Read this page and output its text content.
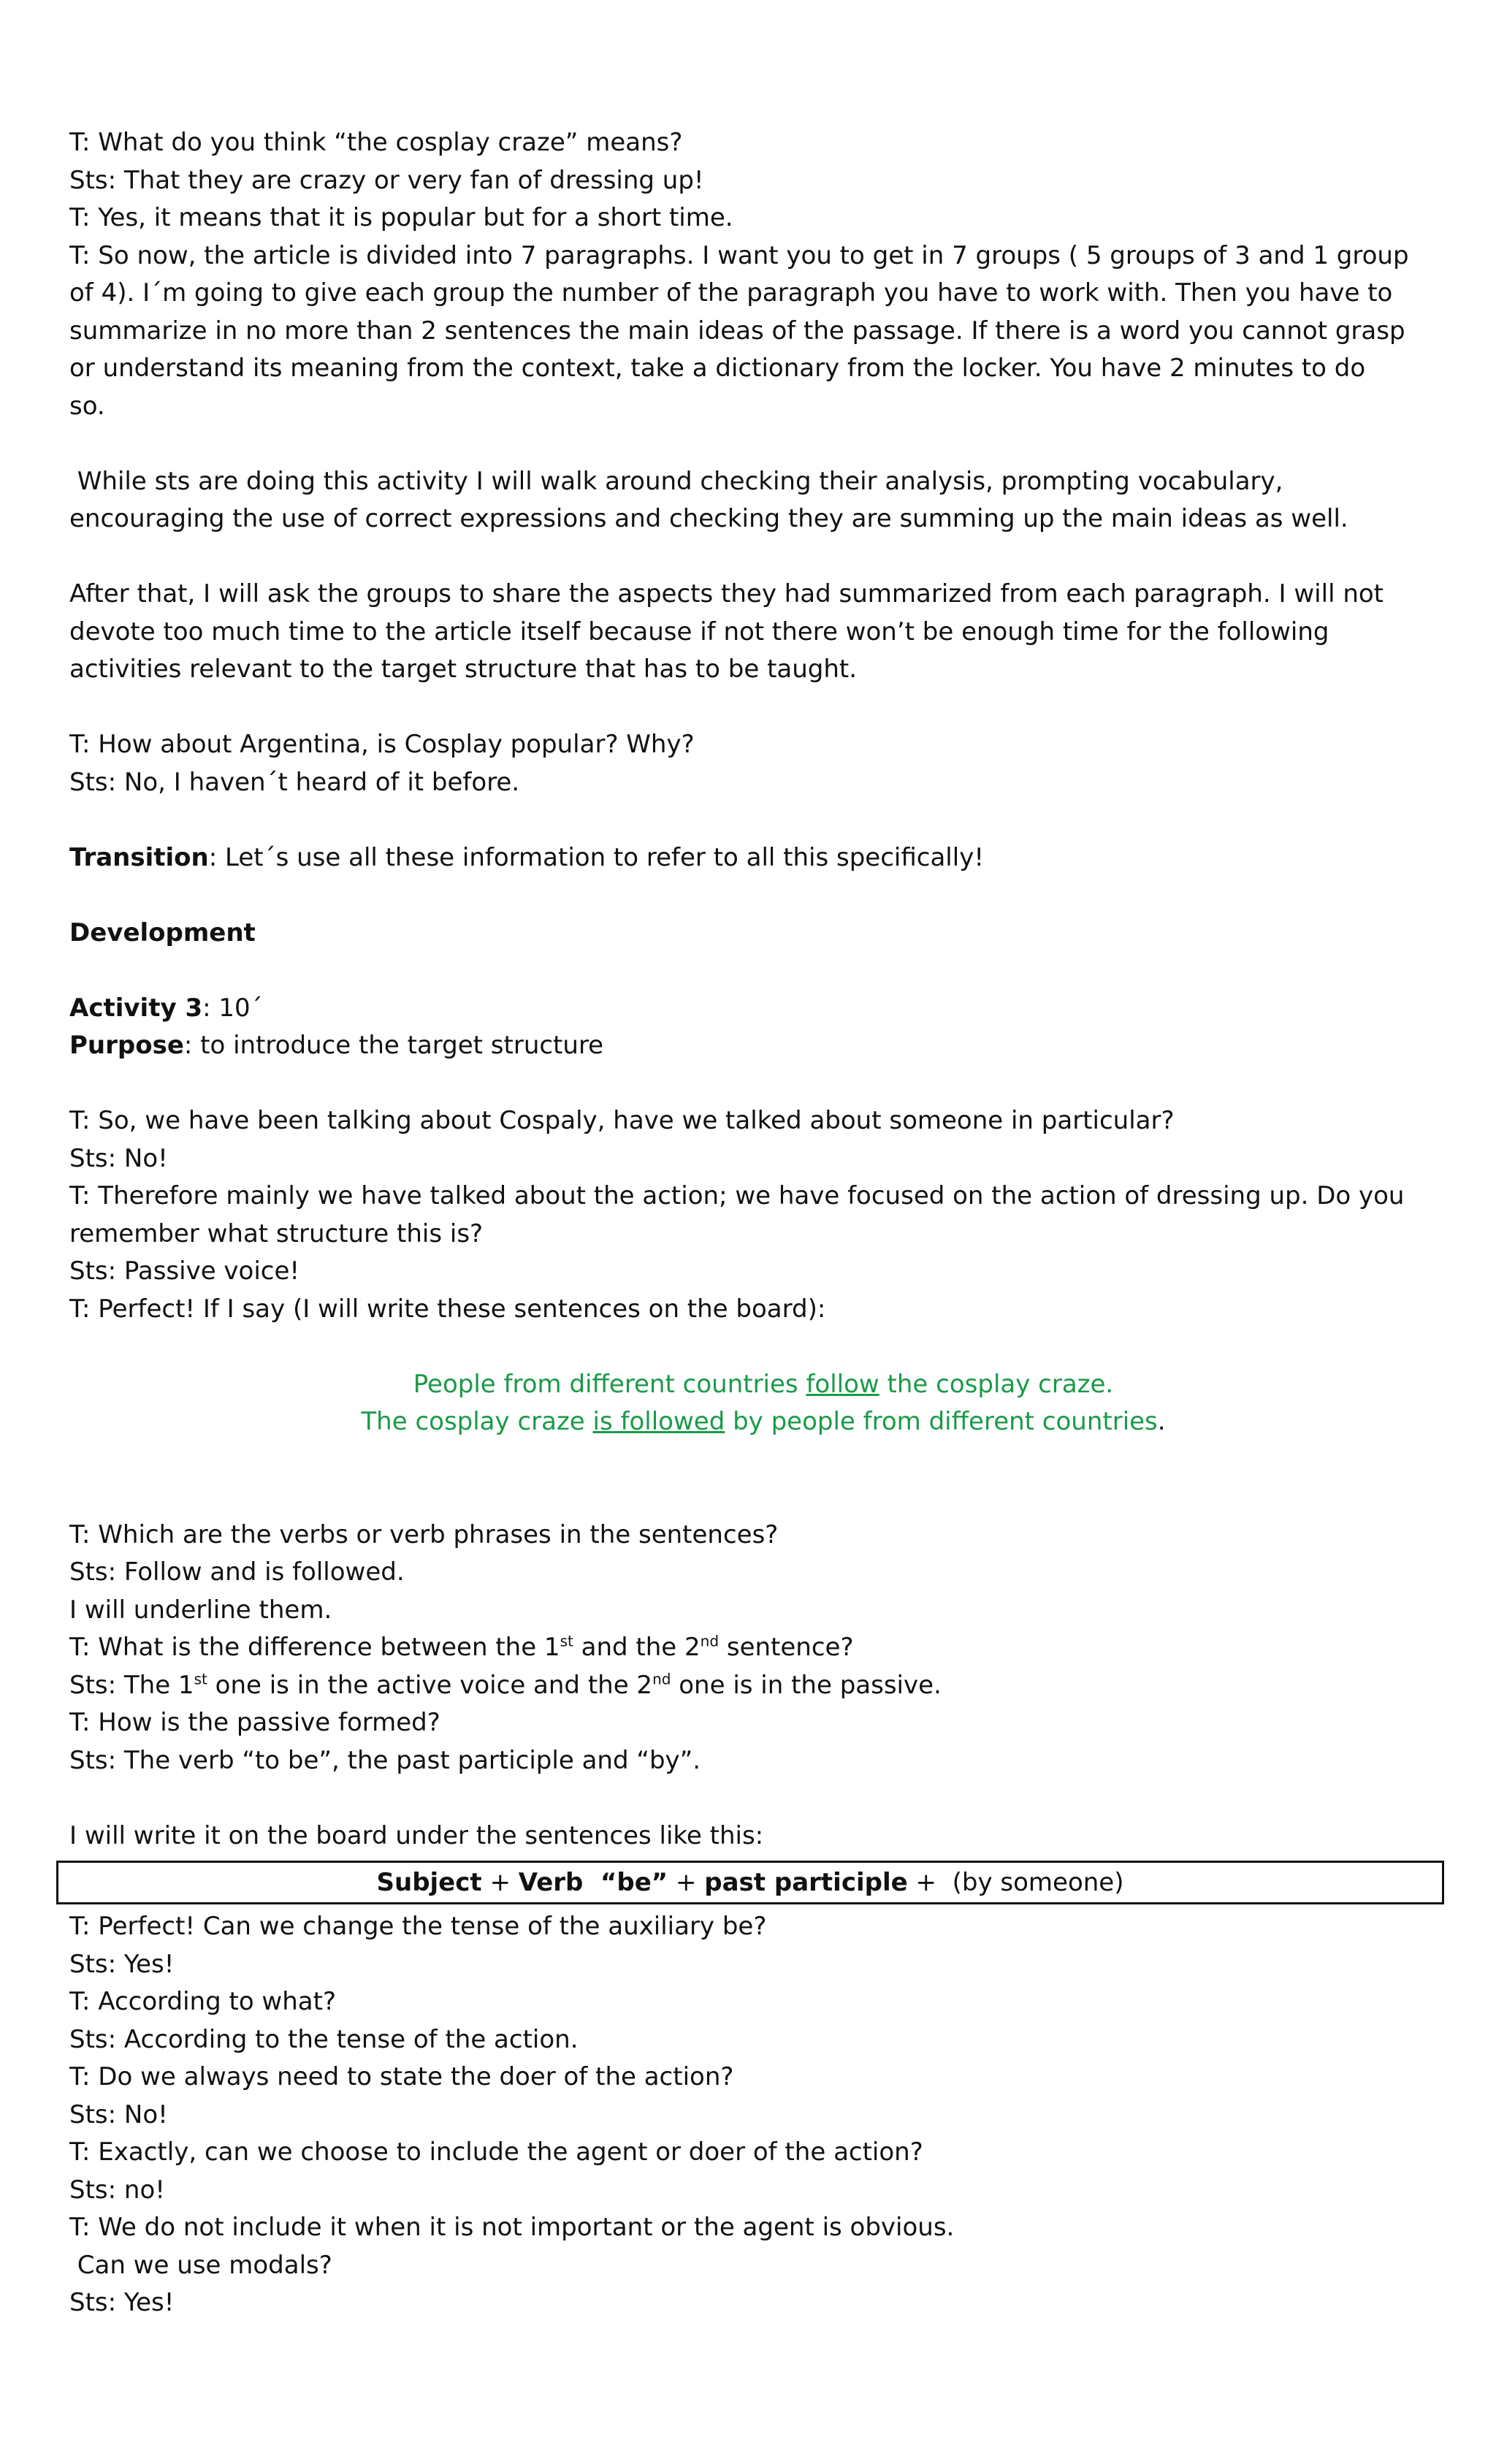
T: What do you think “the cosplay craze” means?

Sts: That they are crazy or very fan of dressing up!

T: Yes, it means that it is popular but for a short time.

T: So now, the article is divided into 7 paragraphs. I want you to get in 7 groups ( 5 groups of 3 and 1 group

of 4). I´m going to give each group the number of the paragraph you have to work with. Then you have to

summarize in no more than 2 sentences the main ideas of the passage. If there is a word you cannot grasp

or understand its meaning from the context, take a dictionary from the locker. You have 2 minutes to do

so.

While sts are doing this activity I will walk around checking their analysis, prompting vocabulary,

encouraging the use of correct expressions and checking they are summing up the main ideas as well.

After that, I will ask the groups to share the aspects they had summarized from each paragraph. I will not

devote too much time to the article itself because if not there won’t be enough time for the following

activities relevant to the target structure that has to be taught.

T: How about Argentina, is Cosplay popular? Why?

Sts: No, I haven´t heard of it before.

Transition: Let´s use all these information to refer to all this specifically!

Development

Activity 3: 10´

Purpose: to introduce the target structure

T: So, we have been talking about Cospaly, have we talked about someone in particular?

Sts: No!

T: Therefore mainly we have talked about the action; we have focused on the action of dressing up. Do you

remember what structure this is?

Sts: Passive voice!

T: Perfect! If I say (I will write these sentences on the board):

People from different countries follow the cosplay craze.

The cosplay craze is followed by people from different countries.

T: Which are the verbs or verb phrases in the sentences?

Sts: Follow and is followed.

I will underline them.

T: What is the difference between the 1st and the 2nd sentence?

Sts: The 1st one is in the active voice and the 2nd one is in the passive.

T: How is the passive formed?

Sts: The verb “to be”, the past participle and “by”.

I will write it on the board under the sentences like this:

Subject + Verb  “be” + past participle +  (by someone)

T: Perfect! Can we change the tense of the auxiliary be?

Sts: Yes!

T: According to what?

Sts: According to the tense of the action.

T: Do we always need to state the doer of the action?

Sts: No!

T: Exactly, can we choose to include the agent or doer of the action?

Sts: no!

T: We do not include it when it is not important or the agent is obvious.

Can we use modals?

Sts: Yes!
